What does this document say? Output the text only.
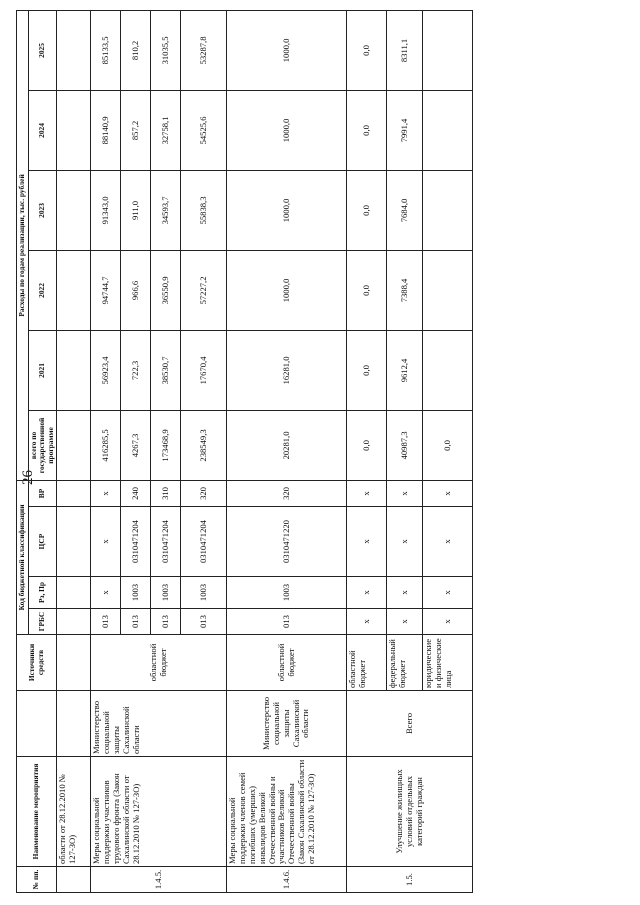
26
№ пп.	Наименование мероприятия		Источники средств	Код бюджетной классификации				Расходы по годам реализации, тыс. рублей					
				ГРБС	Рз, Пр	ЦСР	ВР	всего по государственной программе	2021	2022	2023	2024	2025

	области от 28.12.2010 № 127-ЗО)												
1.4.5.	Меры социальной поддержки участников трудового фронта (Закон Сахалинской области от 28.12.2010 № 127-ЗО)	Министерство социальной защиты Сахалинской области	областной бюджет	013	x	x	x	416285,5	56923,4	94744,7	91343,0	88140,9	85133,5
				013	1003	0310471204	240	4267,3	722,3	966,6	911,0	857,2	810,2
				013	1003	0310471204	310	173468,9	38530,7	36550,9	34593,7	32758,1	31035,5
				013	1003	0310471204	320	238549,3	17670,4	57227,2	55838,3	54525,6	53287,8
1.4.6.	Меры социальной поддержки членов семей погибших (умерших) инвалидов Великой Отечественной войны и участников Великой Отечественной войны (Закон Сахалинской области от 28.12.2010 № 127-ЗО)	Министерство социальной защиты Сахалинской области	областной бюджет	013	1003	0310471220	320	20281,0	16281,0	1000,0	1000,0	1000,0	1000,0
1.5.	Улучшение жилищных условий отдельных категорий граждан	Всего	областной бюджет	x	x	x	x	0,0	0,0	0,0	0,0	0,0	0,0
			федеральный бюджет	x	x	x	x	40987,3	9612,4	7388,4	7684,0	7991,4	8311,1
			юридические и физические лица	x	x	x	x	0,0					
